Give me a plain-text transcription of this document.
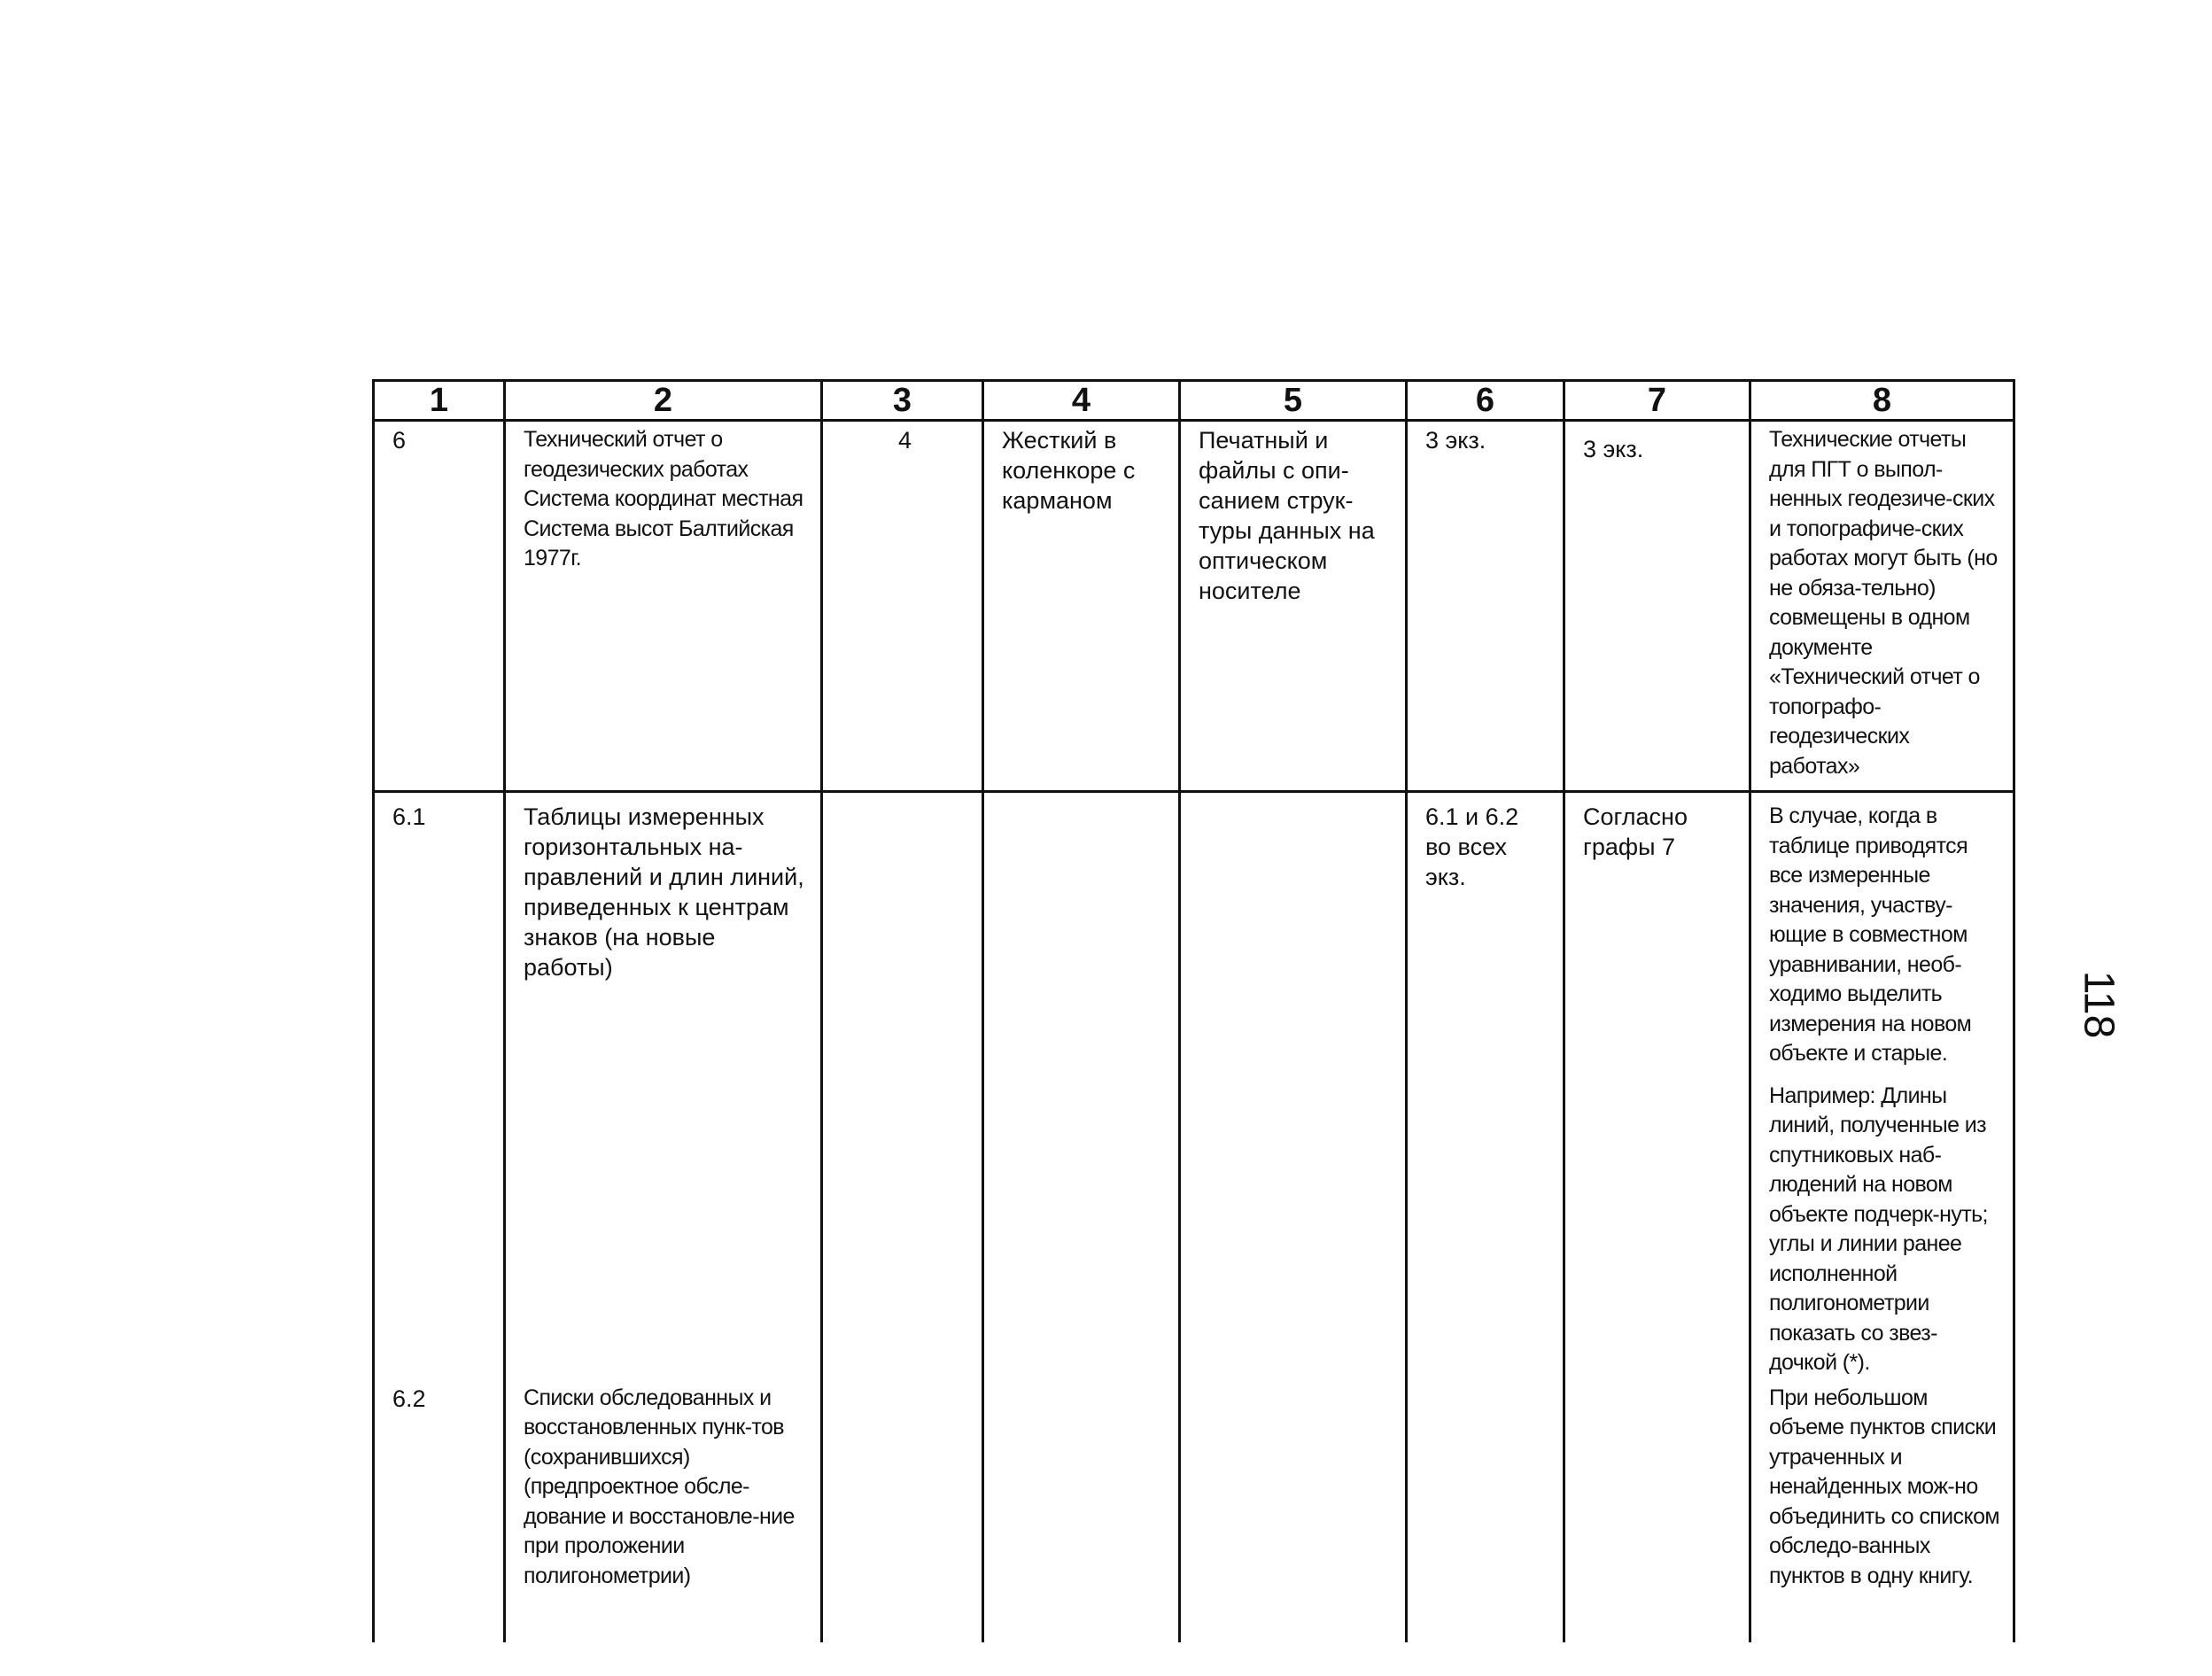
118
1	2	3	4	5	6	7	8
6	Технический отчет о геодезических работах Система координат местная Система высот Балтийская 1977г.	4	Жесткий в коленкоре с карманом	Печатный и файлы с опи-санием струк-туры данных на оптическом носителе	3 экз.	3 экз.	Технические отчеты для ПГТ о выпол-ненных геодезиче-ских и топографиче-ских работах могут быть (но не обяза-тельно) совмещены в одном документе «Технический отчет о топографо-геодезических работах»

6.1	Таблицы измеренных горизонтальных на-правлений и длин линий, приведенных к центрам знаков (на новые работы)				6.1 и 6.2 во всех экз.	Согласно графы 7	В случае, когда в таблице приводятся все измеренные значения, участву-ющие в совместном уравнивании, необ-ходимо выделить измерения на новом объекте и старые.

Например: Длины линий, полученные из спутниковых наб-людений на новом объекте подчерк-нуть; углы и линии ранее исполненной полигонометрии показать со звез-дочкой (*).

6.2	Списки обследованных и восстановленных пунк-тов (сохранившихся) (предпроектное обсле-дование и восстановле-ние при проложении полигонометрии)						При небольшом объеме пунктов списки утраченных и ненайденных мож-но объединить со списком обследо-ванных пунктов в одну книгу.
